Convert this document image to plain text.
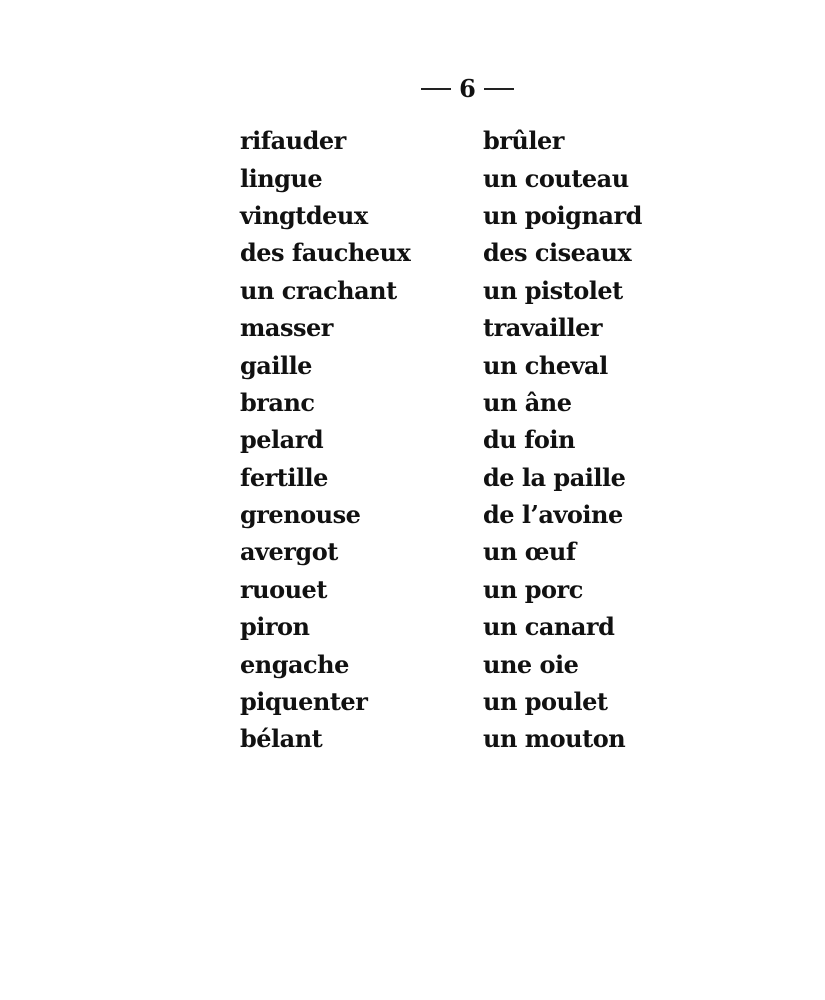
6
rifauder	brûler
lingue	un couteau
vingtdeux	un poignard
des faucheux	des ciseaux
un crachant	un pistolet
masser	travailler
gaille	un cheval
branc	un âne
pelard	du foin
fertille	de la paille
grenouse	de l’avoine
avergot	un œuf
ruouet	un porc
piron	un canard
engache	une oie
piquenter	un poulet
bélant	un mouton
